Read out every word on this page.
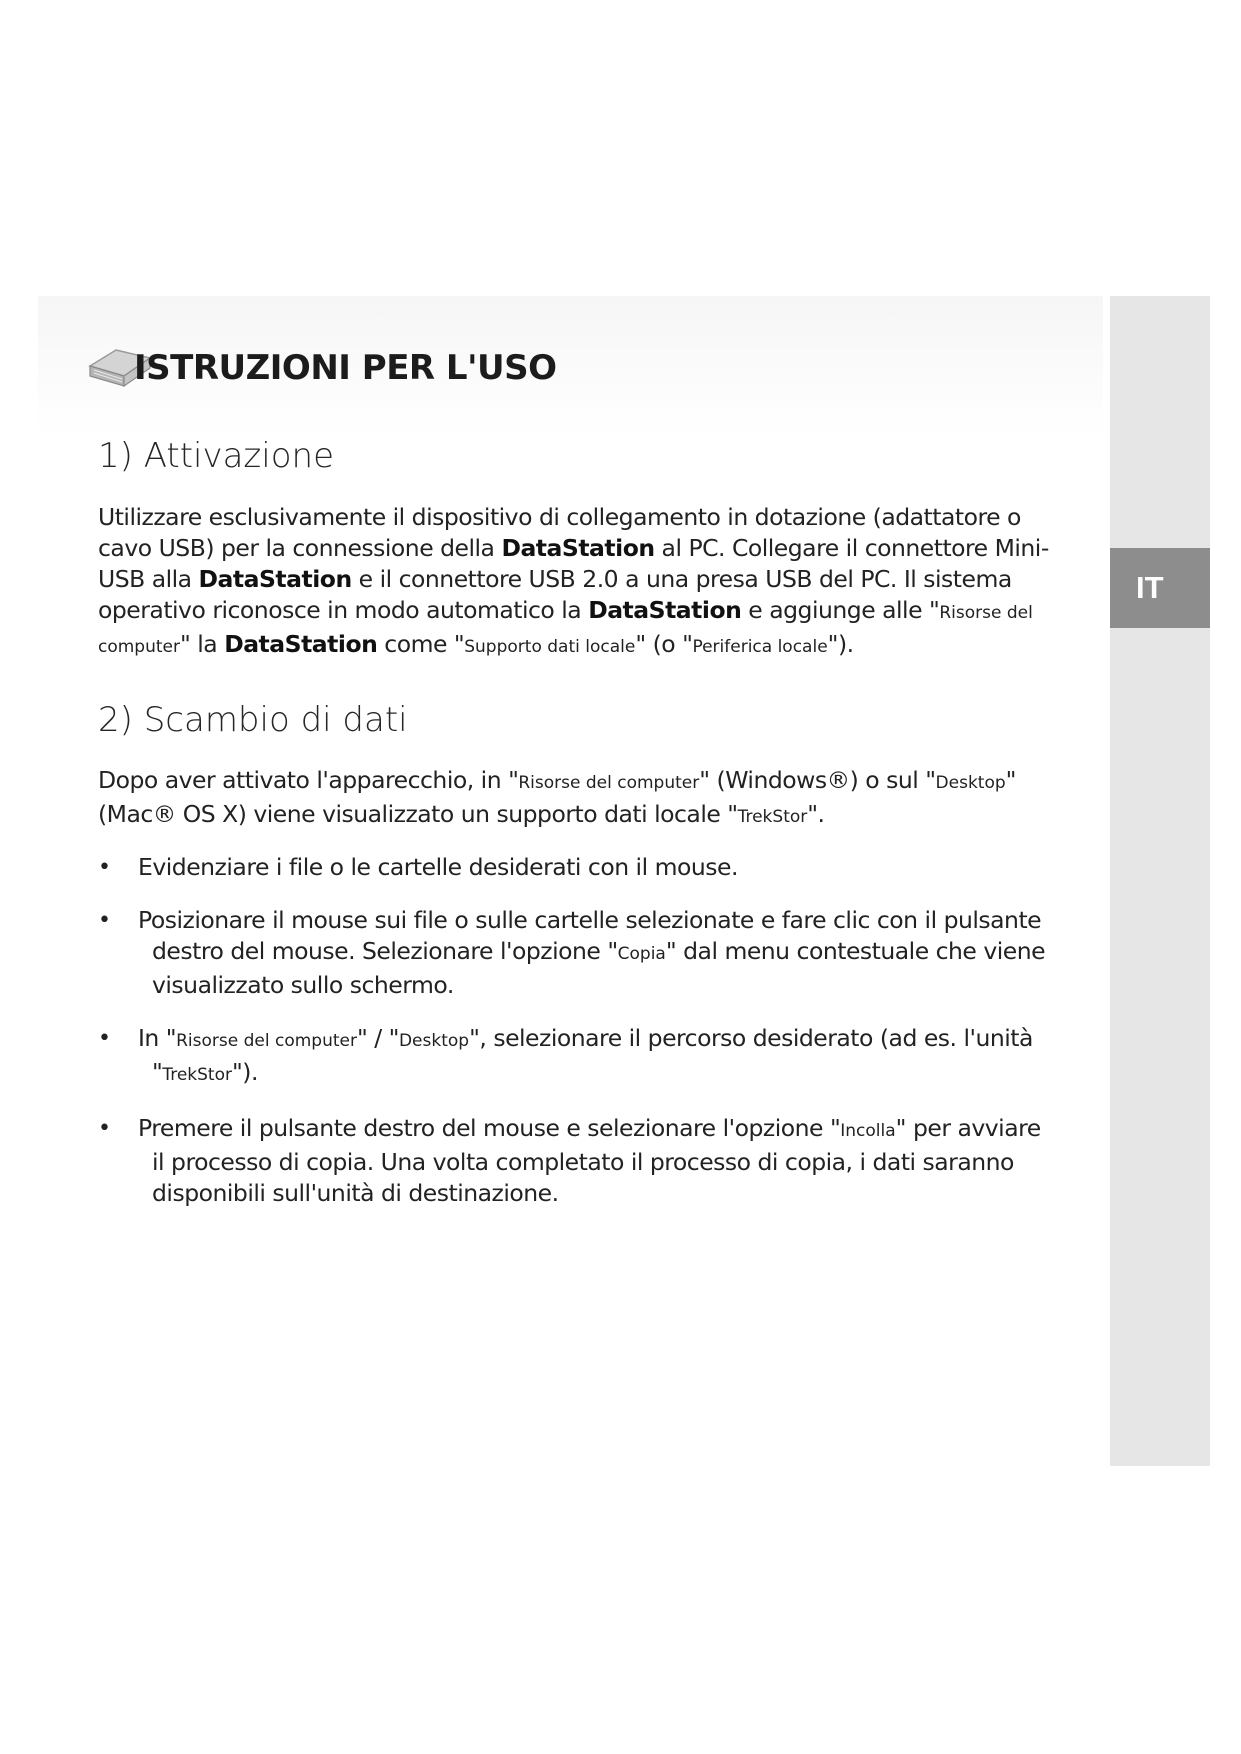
IT
ISTRUZIONI PER L'USO
1) Attivazione

Utilizzare esclusivamente il dispositivo di collegamento in dotazione (adattatore o cavo USB) per la connessione della DataStation al PC. Collegare il connettore Mini-USB alla DataStation e il connettore USB 2.0 a una presa USB del PC. Il sistema operativo riconosce in modo automatico la DataStation e aggiunge alle "Risorse del computer" la DataStation come "Supporto dati locale" (o "Periferica locale").

2) Scambio di dati

Dopo aver attivato l'apparecchio, in "Risorse del computer" (Windows®) o sul "Desktop" (Mac® OS X) viene visualizzato un supporto dati locale "TrekStor".

• Evidenziare i file o le cartelle desiderati con il mouse.
• Posizionare il mouse sui file o sulle cartelle selezionate e fare clic con il pulsante destro del mouse. Selezionare l'opzione "Copia" dal menu contestuale che viene visualizzato sullo schermo.
• In "Risorse del computer" / "Desktop", selezionare il percorso desiderato (ad es. l'unità "TrekStor").
• Premere il pulsante destro del mouse e selezionare l'opzione "Incolla" per avviare il processo di copia. Una volta completato il processo di copia, i dati saranno disponibili sull'unità di destinazione.
